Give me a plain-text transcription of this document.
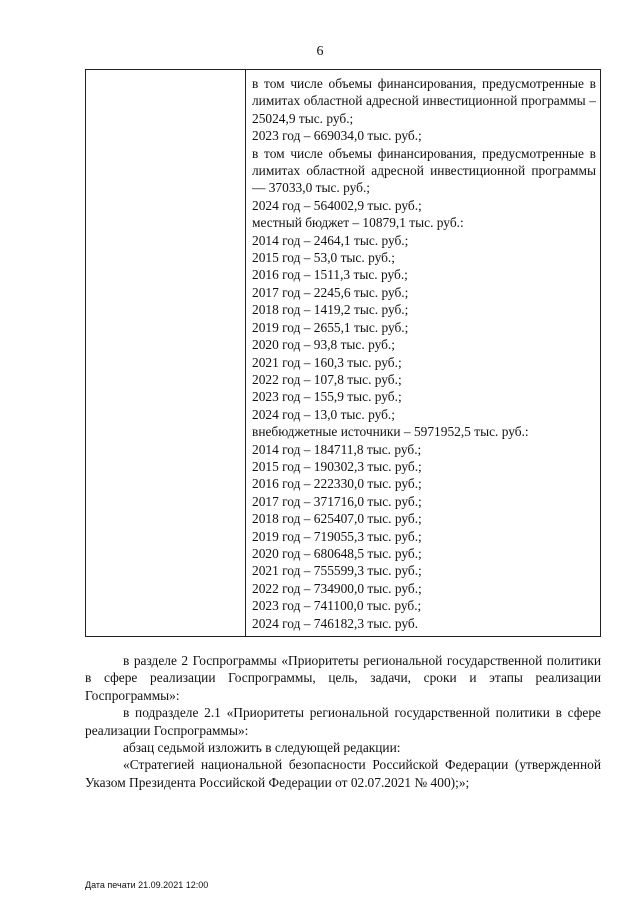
6
в том числе объемы финансирования, предусмотренные в лимитах областной адресной инвестиционной программы – 25024,9 тыс. руб.;
2023 год – 669034,0 тыс. руб.;
в том числе объемы финансирования, предусмотренные в лимитах областной адресной инвестиционной программы — 37033,0 тыс. руб.;
2024 год – 564002,9 тыс. руб.;
местный бюджет – 10879,1 тыс. руб.:
2014 год – 2464,1 тыс. руб.;
2015 год – 53,0 тыс. руб.;
2016 год – 1511,3 тыс. руб.;
2017 год – 2245,6 тыс. руб.;
2018 год – 1419,2 тыс. руб.;
2019 год – 2655,1 тыс. руб.;
2020 год – 93,8 тыс. руб.;
2021 год – 160,3 тыс. руб.;
2022 год – 107,8 тыс. руб.;
2023 год – 155,9 тыс. руб.;
2024 год – 13,0 тыс. руб.;
внебюджетные источники – 5971952,5 тыс. руб.:
2014 год – 184711,8 тыс. руб.;
2015 год – 190302,3 тыс. руб.;
2016 год – 222330,0 тыс. руб.;
2017 год – 371716,0 тыс. руб.;
2018 год – 625407,0 тыс. руб.;
2019 год – 719055,3 тыс. руб.;
2020 год – 680648,5 тыс. руб.;
2021 год – 755599,3 тыс. руб.;
2022 год – 734900,0 тыс. руб.;
2023 год – 741100,0 тыс. руб.;
2024 год – 746182,3 тыс. руб.

в разделе 2 Госпрограммы «Приоритеты региональной государственной политики в сфере реализации Госпрограммы, цель, задачи, сроки и этапы реализации Госпрограммы»:

в подразделе 2.1 «Приоритеты региональной государственной политики в сфере реализации Госпрограммы»:

абзац седьмой изложить в следующей редакции:

«Стратегией национальной безопасности Российской Федерации (утвержденной Указом Президента Российской Федерации от 02.07.2021 № 400);»;

Дата печати 21.09.2021 12:00
